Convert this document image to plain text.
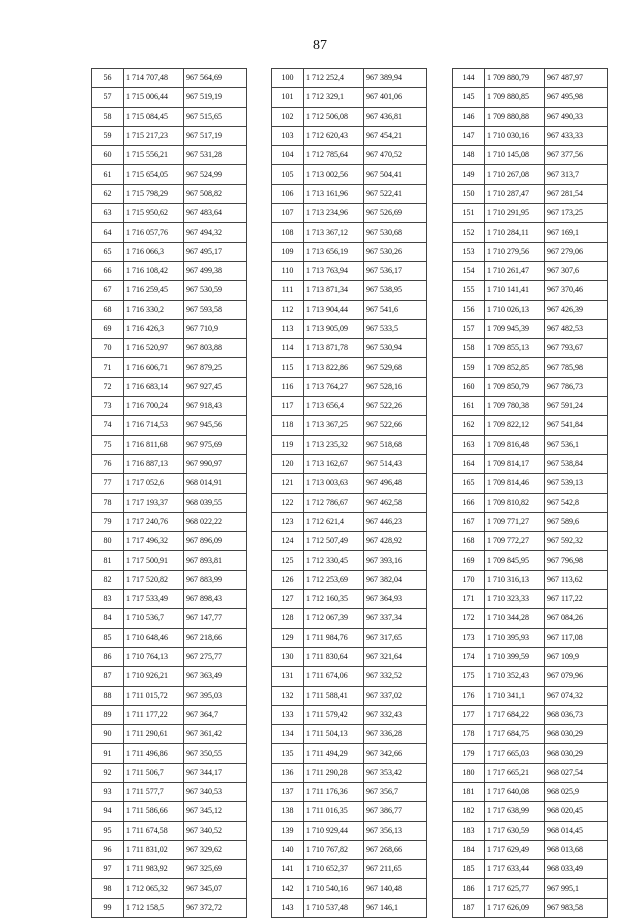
87
56	1 714 707,48	967 564,69
57	1 715 006,44	967 519,19
58	1 715 084,45	967 515,65
59	1 715 217,23	967 517,19
60	1 715 556,21	967 531,28
61	1 715 654,05	967 524,99
62	1 715 798,29	967 508,82
63	1 715 950,62	967 483,64
64	1 716 057,76	967 494,32
65	1 716 066,3	967 495,17
66	1 716 108,42	967 499,38
67	1 716 259,45	967 530,59
68	1 716 330,2	967 593,58
69	1 716 426,3	967 710,9
70	1 716 520,97	967 803,88
71	1 716 606,71	967 879,25
72	1 716 683,14	967 927,45
73	1 716 700,24	967 918,43
74	1 716 714,53	967 945,56
75	1 716 811,68	967 975,69
76	1 716 887,13	967 990,97
77	1 717 052,6	968 014,91
78	1 717 193,37	968 039,55
79	1 717 240,76	968 022,22
80	1 717 496,32	967 896,09
81	1 717 500,91	967 893,81
82	1 717 520,82	967 883,99
83	1 717 533,49	967 898,43
84	1 710 536,7	967 147,77
85	1 710 648,46	967 218,66
86	1 710 764,13	967 275,77
87	1 710 926,21	967 363,49
88	1 711 015,72	967 395,03
89	1 711 177,22	967 364,7
90	1 711 290,61	967 361,42
91	1 711 496,86	967 350,55
92	1 711 506,7	967 344,17
93	1 711 577,7	967 340,53
94	1 711 586,66	967 345,12
95	1 711 674,58	967 340,52
96	1 711 831,02	967 329,62
97	1 711 983,92	967 325,69
98	1 712 065,32	967 345,07
99	1 712 158,5	967 372,72
100	1 712 252,4	967 389,94
101	1 712 329,1	967 401,06
102	1 712 506,08	967 436,81
103	1 712 620,43	967 454,21
104	1 712 785,64	967 470,52
105	1 713 002,56	967 504,41
106	1 713 161,96	967 522,41
107	1 713 234,96	967 526,69
108	1 713 367,12	967 530,68
109	1 713 656,19	967 530,26
110	1 713 763,94	967 536,17
111	1 713 871,34	967 538,95
112	1 713 904,44	967 541,6
113	1 713 905,09	967 533,5
114	1 713 871,78	967 530,94
115	1 713 822,86	967 529,68
116	1 713 764,27	967 528,16
117	1 713 656,4	967 522,26
118	1 713 367,25	967 522,66
119	1 713 235,32	967 518,68
120	1 713 162,67	967 514,43
121	1 713 003,63	967 496,48
122	1 712 786,67	967 462,58
123	1 712 621,4	967 446,23
124	1 712 507,49	967 428,92
125	1 712 330,45	967 393,16
126	1 712 253,69	967 382,04
127	1 712 160,35	967 364,93
128	1 712 067,39	967 337,34
129	1 711 984,76	967 317,65
130	1 711 830,64	967 321,64
131	1 711 674,06	967 332,52
132	1 711 588,41	967 337,02
133	1 711 579,42	967 332,43
134	1 711 504,13	967 336,28
135	1 711 494,29	967 342,66
136	1 711 290,28	967 353,42
137	1 711 176,36	967 356,7
138	1 711 016,35	967 386,77
139	1 710 929,44	967 356,13
140	1 710 767,82	967 268,66
141	1 710 652,37	967 211,65
142	1 710 540,16	967 140,48
143	1 710 537,48	967 146,1
144	1 709 880,79	967 487,97
145	1 709 880,85	967 495,98
146	1 709 880,88	967 490,33
147	1 710 030,16	967 433,33
148	1 710 145,08	967 377,56
149	1 710 267,08	967 313,7
150	1 710 287,47	967 281,54
151	1 710 291,95	967 173,25
152	1 710 284,11	967 169,1
153	1 710 279,56	967 279,06
154	1 710 261,47	967 307,6
155	1 710 141,41	967 370,46
156	1 710 026,13	967 426,39
157	1 709 945,39	967 482,53
158	1 709 855,13	967 793,67
159	1 709 852,85	967 785,98
160	1 709 850,79	967 786,73
161	1 709 780,38	967 591,24
162	1 709 822,12	967 541,84
163	1 709 816,48	967 536,1
164	1 709 814,17	967 538,84
165	1 709 814,46	967 539,13
166	1 709 810,82	967 542,8
167	1 709 771,27	967 589,6
168	1 709 772,27	967 592,32
169	1 709 845,95	967 796,98
170	1 710 316,13	967 113,62
171	1 710 323,33	967 117,22
172	1 710 344,28	967 084,26
173	1 710 395,93	967 117,08
174	1 710 399,59	967 109,9
175	1 710 352,43	967 079,96
176	1 710 341,1	967 074,32
177	1 717 684,22	968 036,73
178	1 717 684,75	968 030,29
179	1 717 665,03	968 030,29
180	1 717 665,21	968 027,54
181	1 717 640,08	968 025,9
182	1 717 638,99	968 020,45
183	1 717 630,59	968 014,45
184	1 717 629,49	968 013,68
185	1 717 633,44	968 033,49
186	1 717 625,77	967 995,1
187	1 717 626,09	967 983,58
